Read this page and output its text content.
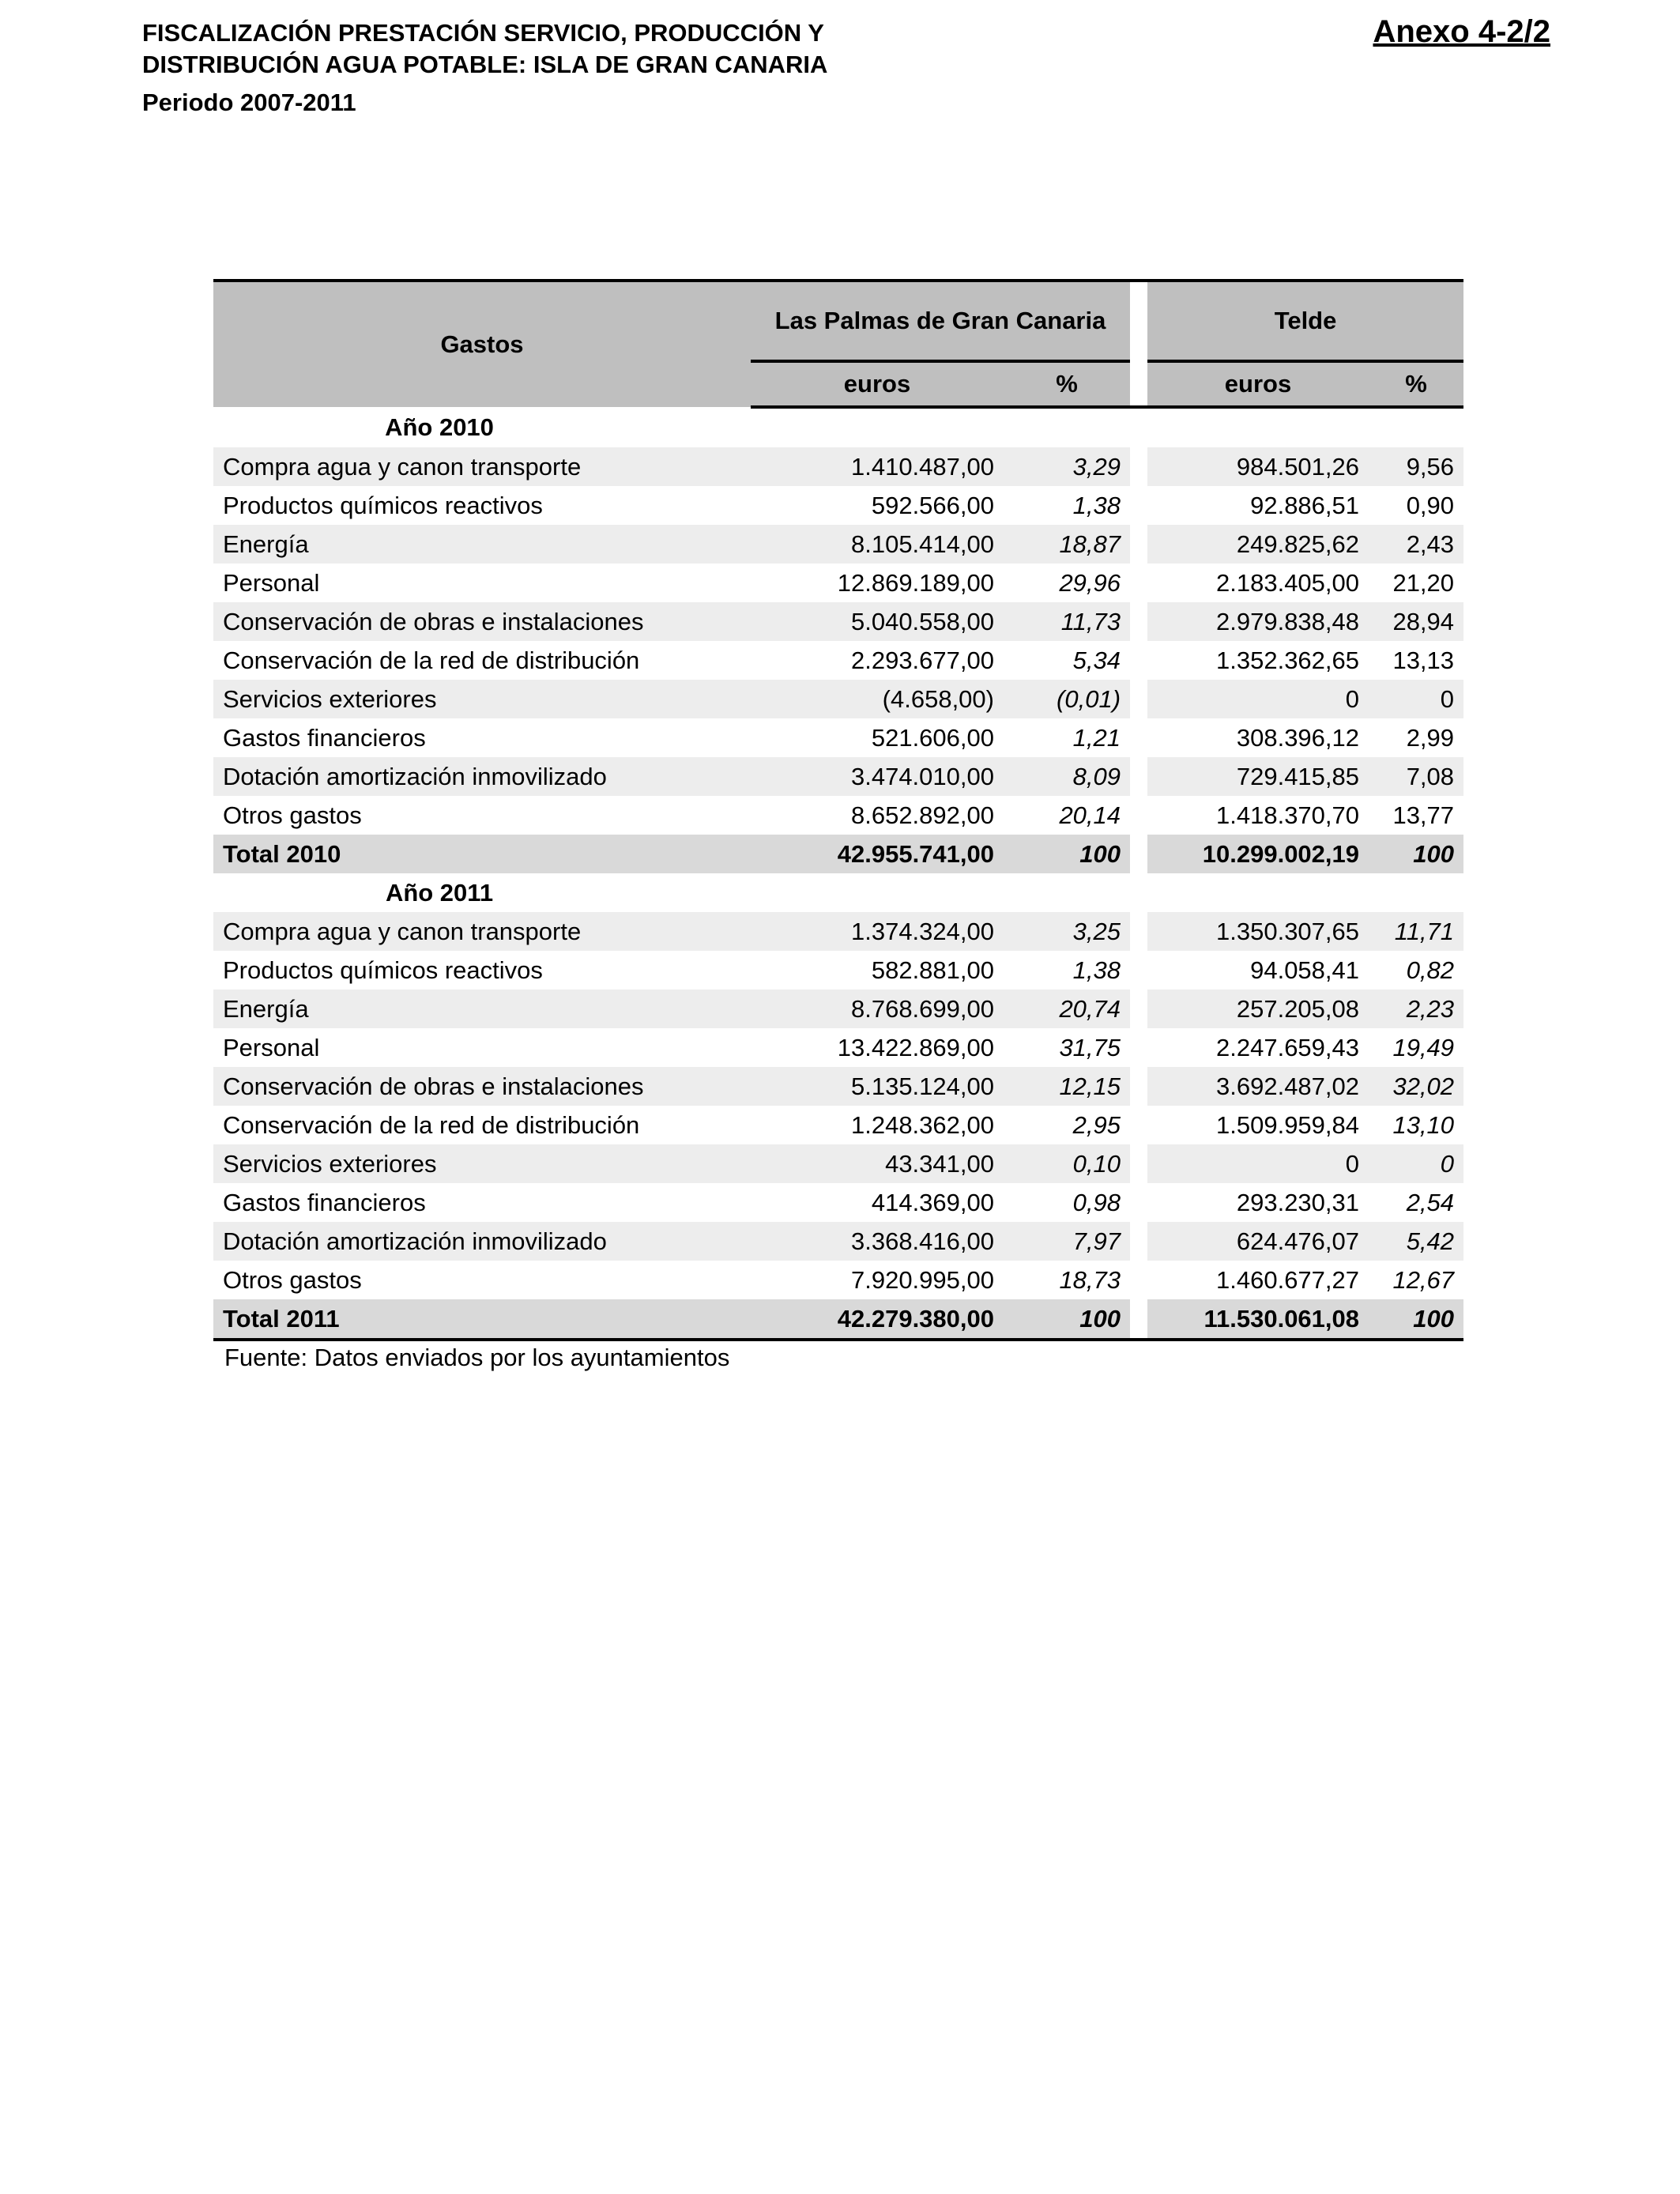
FISCALIZACIÓN PRESTACIÓN SERVICIO, PRODUCCIÓN Y
DISTRIBUCIÓN AGUA POTABLE: ISLA DE GRAN CANARIA
Periodo 2007-2011
Anexo 4-2/2
Gastos	Las Palmas de Gran Canaria			Telde	
	euros	%		euros	%
Año 2010					
Compra agua y canon transporte	1.410.487,00	3,29		984.501,26	9,56
Productos químicos reactivos	592.566,00	1,38		92.886,51	0,90
Energía	8.105.414,00	18,87		249.825,62	2,43
Personal	12.869.189,00	29,96		2.183.405,00	21,20
Conservación de obras e instalaciones	5.040.558,00	11,73		2.979.838,48	28,94
Conservación de la red de distribución	2.293.677,00	5,34		1.352.362,65	13,13
Servicios exteriores	(4.658,00)	(0,01)		0	0
Gastos financieros	521.606,00	1,21		308.396,12	2,99
Dotación amortización inmovilizado	3.474.010,00	8,09		729.415,85	7,08
Otros gastos	8.652.892,00	20,14		1.418.370,70	13,77
Total 2010	42.955.741,00	100		10.299.002,19	100
Año 2011					
Compra agua y canon transporte	1.374.324,00	3,25		1.350.307,65	11,71
Productos químicos reactivos	582.881,00	1,38		94.058,41	0,82
Energía	8.768.699,00	20,74		257.205,08	2,23
Personal	13.422.869,00	31,75		2.247.659,43	19,49
Conservación de obras e instalaciones	5.135.124,00	12,15		3.692.487,02	32,02
Conservación de la red de distribución	1.248.362,00	2,95		1.509.959,84	13,10
Servicios exteriores	43.341,00	0,10		0	0
Gastos financieros	414.369,00	0,98		293.230,31	2,54
Dotación amortización inmovilizado	3.368.416,00	7,97		624.476,07	5,42
Otros gastos	7.920.995,00	18,73		1.460.677,27	12,67
Total 2011	42.279.380,00	100		11.530.061,08	100
Fuente: Datos enviados por los ayuntamientos
